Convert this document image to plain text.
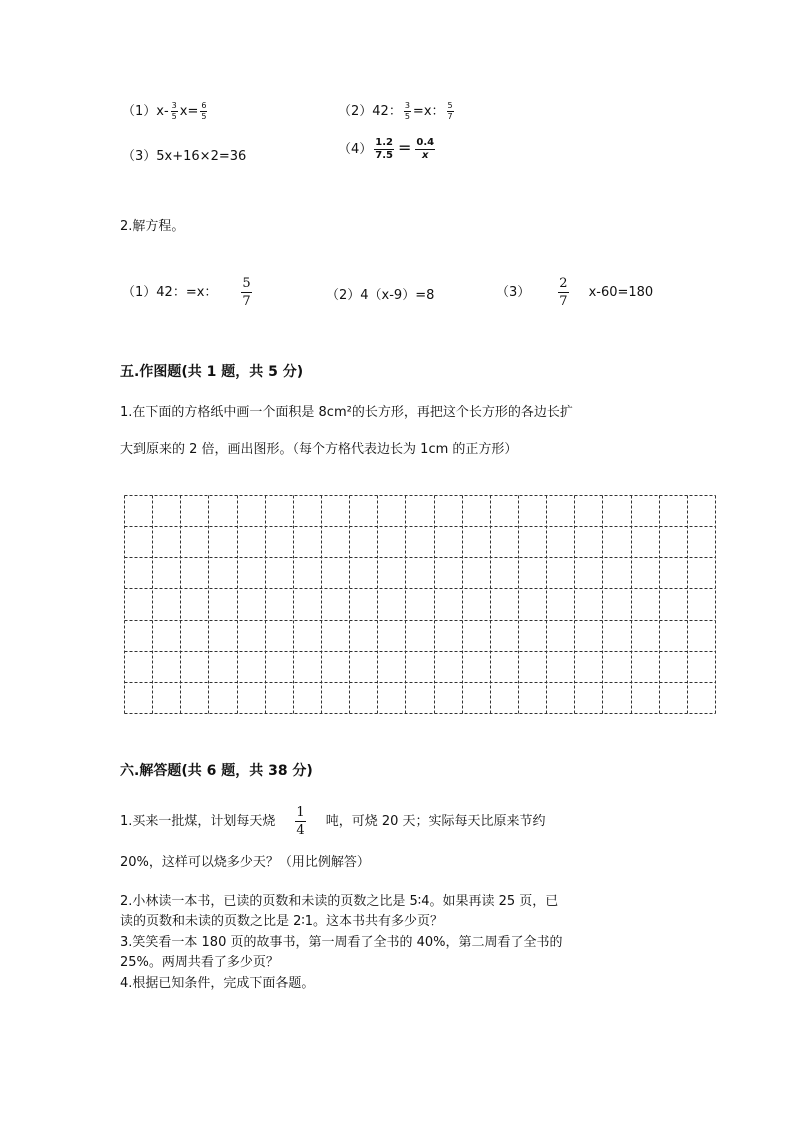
$(1)x- \frac{3}{5} x= \frac{6}{5}$	（2）42： $\frac{3}{5} =x$： $\frac{5}{7}$
（3）5x+16×2=36	$(4) \frac{1.2}{7.5} = \frac{0.4}{x}$
2.解方程。
（1）42：=x： $\frac{5}{7}$	（2）4（x-9）=8	$(3) \frac{2}{7} x-60=180$
五.作图题(共 1 题，共 5 分)
1.在下面的方格纸中画一个面积是 8cm²的长方形，再把这个长方形的各边长扩
大到原来的 2 倍，画出图形。（每个方格代表边长为 1cm 的正方形）
六.解答题(共 6 题，共 38 分)
1.买来一批煤，计划每天烧 $\frac{1}{4}$ 吨，可烧 20 天；实际每天比原来节约
20%，这样可以烧多少天？（用比例解答）
2.小林读一本书，已读的页数和未读的页数之比是 5∶4。如果再读 25 页，已
读的页数和未读的页数之比是 2∶1。这本书共有多少页？
3.笑笑看一本 180 页的故事书，第一周看了全书的 40%，第二周看了全书的
25%。两周共看了多少页？
4.根据已知条件，完成下面各题。
